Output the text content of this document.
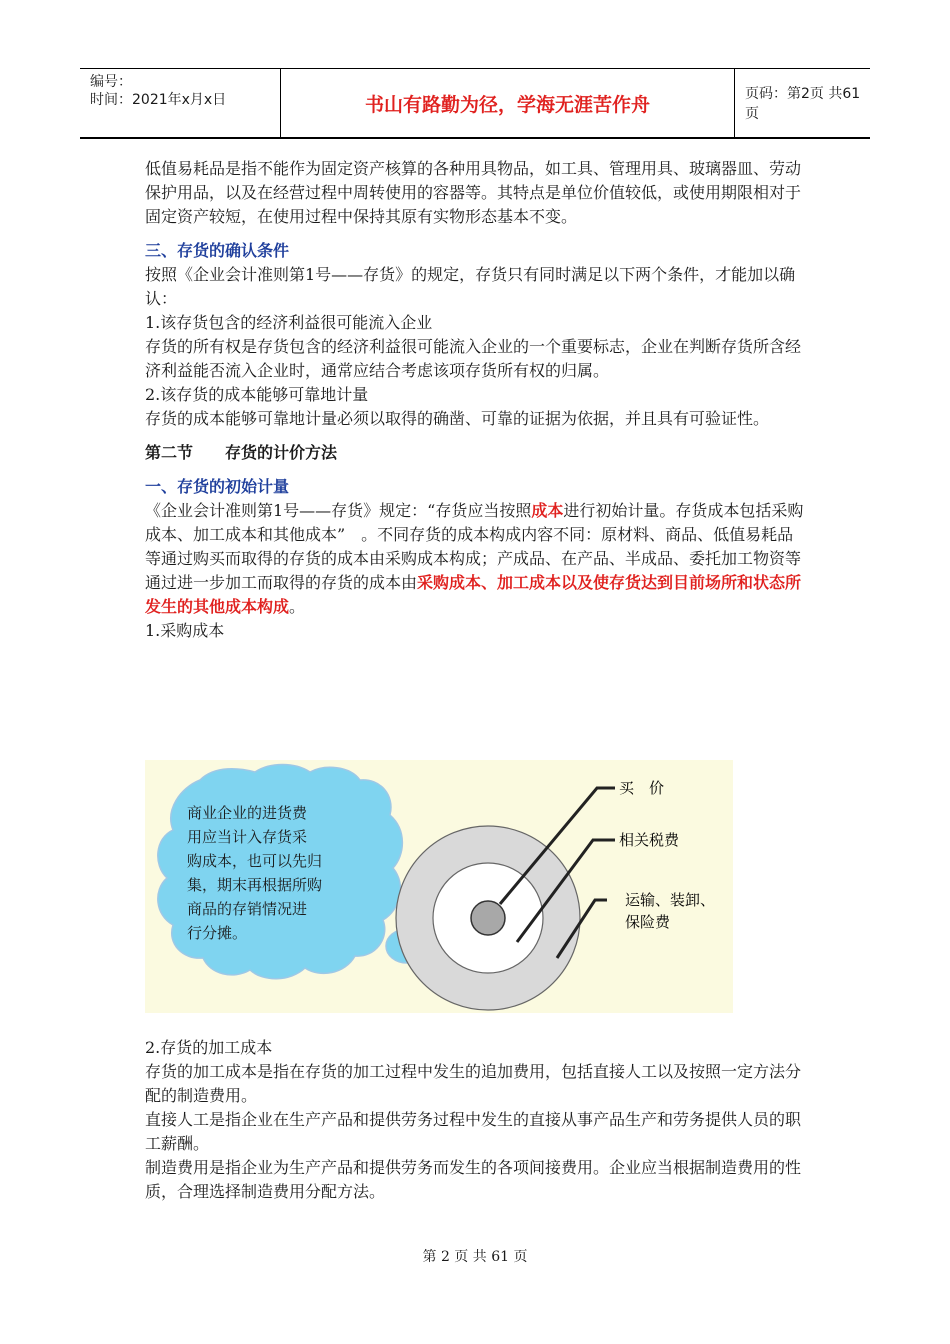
编号：
时间：2021年x月x日	书山有路勤为径，学海无涯苦作舟	页码：第2页 共61页

低值易耗品是指不能作为固定资产核算的各种用具物品，如工具、管理用具、玻璃器皿、劳动保护用品，以及在经营过程中周转使用的容器等。其特点是单位价值较低，或使用期限相对于固定资产较短，在使用过程中保持其原有实物形态基本不变。

三、存货的确认条件

按照《企业会计准则第1号——存货》的规定，存货只有同时满足以下两个条件，才能加以确认：

1.该存货包含的经济利益很可能流入企业

存货的所有权是存货包含的经济利益很可能流入企业的一个重要标志，企业在判断存货所含经济利益能否流入企业时，通常应结合考虑该项存货所有权的归属。

2.该存货的成本能够可靠地计量

存货的成本能够可靠地计量必须以取得的确凿、可靠的证据为依据，并且具有可验证性。

第二节　　存货的计价方法

一、存货的初始计量

《企业会计准则第1号——存货》规定：“存货应当按照成本进行初始计量。存货成本包括采购成本、加工成本和其他成本”　。不同存货的成本构成内容不同：原材料、商品、低值易耗品等通过购买而取得的存货的成本由采购成本构成；产成品、在产品、半成品、委托加工物资等通过进一步加工而取得的存货的成本由采购成本、加工成本以及使存货达到目前场所和状态所发生的其他成本构成。

1.采购成本

商业企业的进货费
用应当计入存货采
购成本，也可以先归
集，期末再根据所购
商品的存销情况进
行分摊。
买　价
相关税费
运输、装卸、
保险费

2.存货的加工成本

存货的加工成本是指在存货的加工过程中发生的追加费用，包括直接人工以及按照一定方法分配的制造费用。

直接人工是指企业在生产产品和提供劳务过程中发生的直接从事产品生产和劳务提供人员的职工薪酬。

制造费用是指企业为生产产品和提供劳务而发生的各项间接费用。企业应当根据制造费用的性质，合理选择制造费用分配方法。

第 2 页 共 61 页
